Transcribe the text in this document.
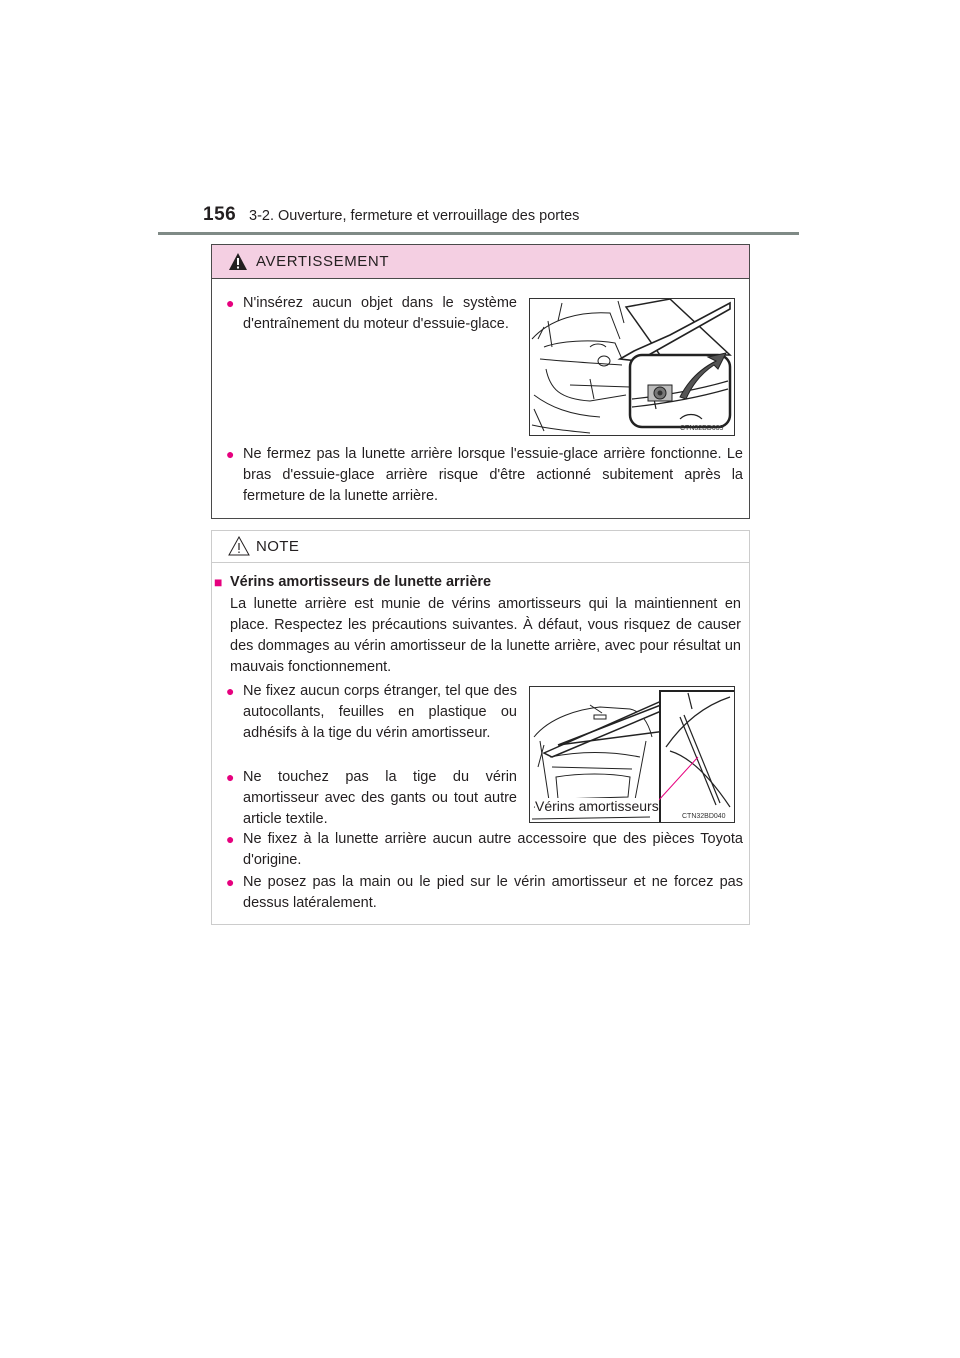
156 3-2. Ouverture, fermeture et verrouillage des portes
AVERTISSEMENT
● N'insérez aucun objet dans le système d'entraînement du moteur d'essuie-glace.
CTN32BD039
● Ne fermez pas la lunette arrière lorsque l'essuie-glace arrière fonctionne. Le bras d'essuie-glace arrière risque d'être actionné subitement après la fermeture de la lunette arrière.
NOTE
■ Vérins amortisseurs de lunette arrière
La lunette arrière est munie de vérins amortisseurs qui la maintiennent en place. Respectez les précautions suivantes. À défaut, vous risquez de causer des dommages au vérin amortisseur de la lunette arrière, avec pour résultat un mauvais fonctionnement.
● Ne fixez aucun corps étranger, tel que des autocollants, feuilles en plastique ou adhésifs à la tige du vérin amortisseur.
● Ne touchez pas la tige du vérin amortisseur avec des gants ou tout autre article textile.
Vérins amortisseurs
CTN32BD040
● Ne fixez à la lunette arrière aucun autre accessoire que des pièces Toyota d'origine.
● Ne posez pas la main ou le pied sur le vérin amortisseur et ne forcez pas dessus latéralement.
